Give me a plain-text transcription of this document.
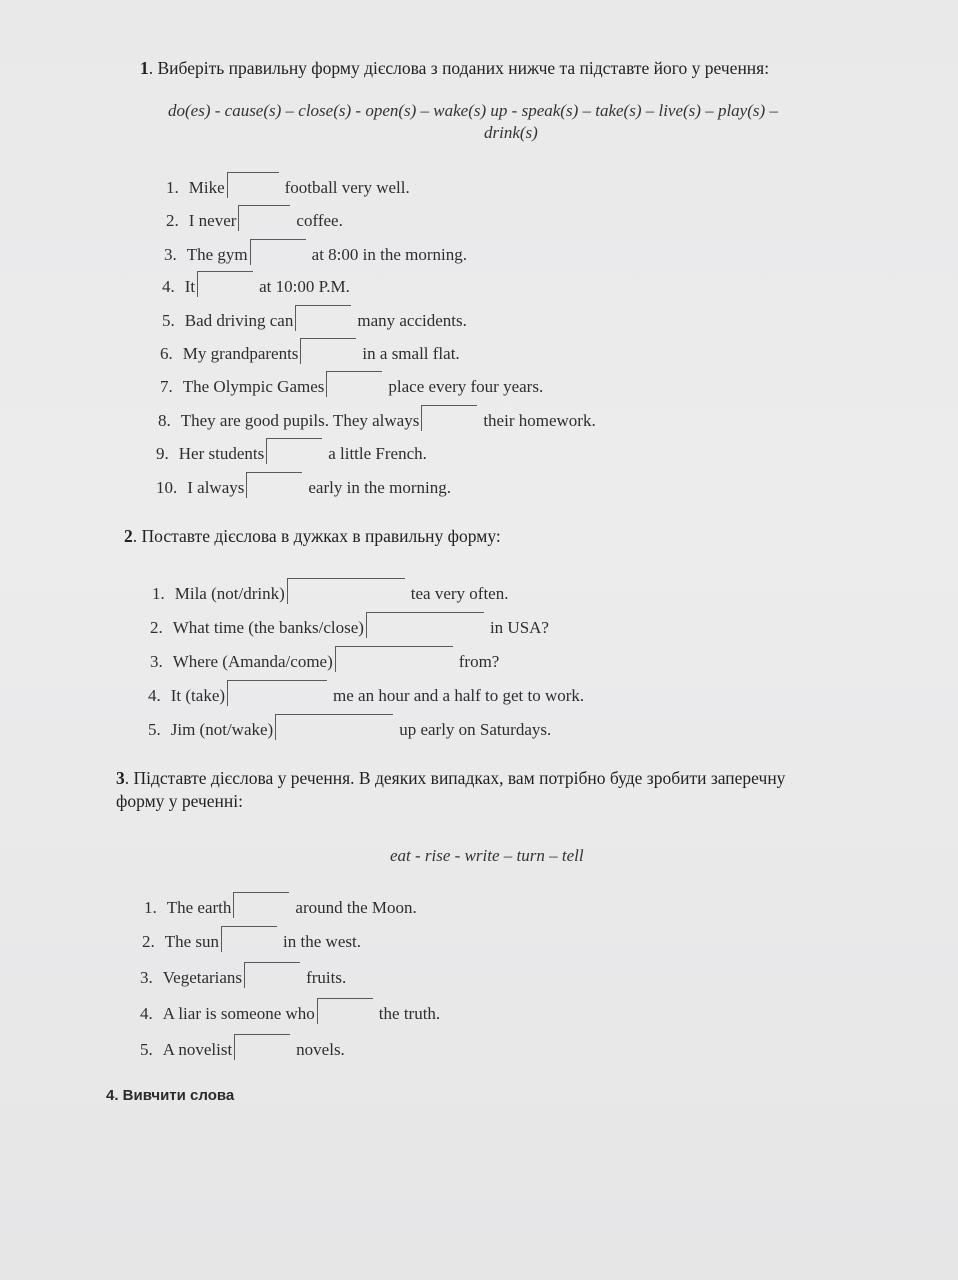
1. Виберіть правильну форму дієслова з поданих нижче та підставте його у речення:
do(es) - cause(s) – close(s) - open(s) – wake(s) up - speak(s) – take(s) – live(s) – play(s) –
drink(s)
1. Mike	football very well.
2. I never	coffee.
3. The gym	at 8:00 in the morning.
4. It	at 10:00 P.M.
5. Bad driving can	many accidents.
6. My grandparents	in a small flat.
7. The Olympic Games	place every four years.
8. They are good pupils. They always	their homework.
9. Her students	a little French.
10. I always	early in the morning.
2. Поставте дієслова в дужках в правильну форму:
1. Mila (not/drink)	tea very often.
2. What time (the banks/close)	in USA?
3. Where (Amanda/come)	from?
4. It (take)	me an hour and a half to get to work.
5. Jim (not/wake)	up early on Saturdays.
3. Підставте дієслова у речення. В деяких випадках, вам потрібно буде зробити заперечну
форму у реченні:
eat - rise - write – turn – tell
1. The earth	around the Moon.
2. The sun	in the west.
3. Vegetarians	fruits.
4. A liar is someone who	the truth.
5. A novelist	novels.
4. Вивчити слова
